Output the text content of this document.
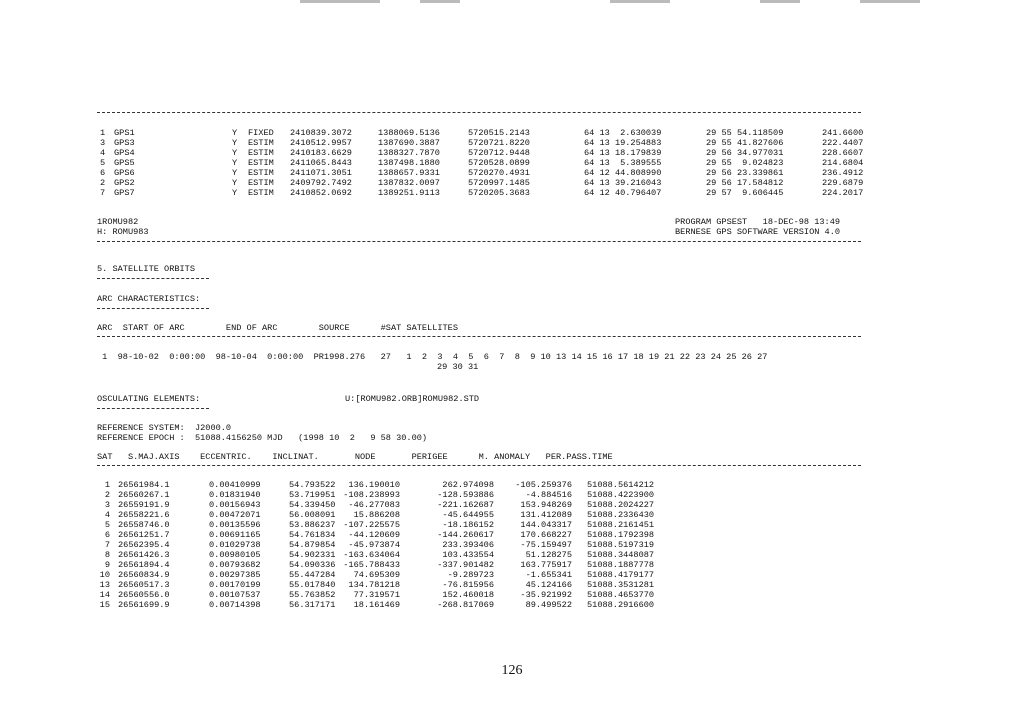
1 GPS1	Y FIXED 2410839.3072	1388069.5136	5720515.2143	64 13  2.630039	29 55 54.118509	241.6600
3 GPS3	Y ESTIM 2410512.9957	1387690.3887	5720721.8220	64 13 19.254883	29 55 41.827606	222.4407
4 GPS4	Y ESTIM 2410183.6629	1388327.7870	5720712.9448	64 13 18.179839	29 56 34.977031	228.6607
5 GPS5	Y ESTIM 2411065.8443	1387498.1880	5720528.0899	64 13  5.389555	29 55  9.024823	214.6804
6 GPS6	Y ESTIM 2411071.3051	1388657.9331	5720270.4931	64 12 44.808990	29 56 23.339861	236.4912
2 GPS2	Y ESTIM 2409792.7492	1387832.0097	5720997.1485	64 13 39.216043	29 56 17.584812	229.6879
7 GPS7	Y ESTIM 2410852.0692	1389251.9113	5720205.3683	64 12 40.796407	29 57  9.606445	224.2017
1ROMU982
H: ROMU983
PROGRAM GPSEST   18-DEC-98 13:49
BERNESE GPS SOFTWARE VERSION 4.0
5. SATELLITE ORBITS
ARC CHARACTERISTICS:
ARC  START OF ARC        END OF ARC        SOURCE      #SAT SATELLITES
1  98-10-02  0:00:00  98-10-04  0:00:00  PR1998.276   27   1  2  3  4  5  6  7  8  9 10 13 14 15 16 17 18 19 21 22 23 24 25 26 27
29 30 31
OSCULATING ELEMENTS:	U:[ROMU982.ORB]ROMU982.STD
REFERENCE SYSTEM:  J2000.0
REFERENCE EPOCH :  51088.4156250 MJD   (1998 10  2   9 58 30.00)
SAT   S.MAJ.AXIS    ECCENTRIC.    INCLINAT.       NODE       PERIGEE      M. ANOMALY   PER.PASS.TIME
1 26561984.1	0.00410999	54.793522 136.190010	262.974098 -105.259376 51088.5614212
2 26560267.1	0.01831940	53.719951 -108.238993	-128.593886	-4.884516 51088.4223900
3 26559191.9	0.00156943	54.339450 -46.277083	-221.162687	153.948269 51088.2024227
4 26558221.6	0.00472071	56.008091 15.886208	-45.644955	131.412089 51088.2336430
5 26558746.0	0.00135596	53.886237 -107.225575	-18.186152	144.043317 51088.2161451
6 26561251.7	0.00691165	54.761834 -44.120609	-144.260617	170.668227 51088.1792398
7 26562395.4	0.01029738	54.879854 -45.973874	233.393406	-75.159497 51088.5197319
8 26561426.3	0.00980105	54.902331 -163.634064	103.433554	51.128275 51088.3448087
9 26561894.4	0.00793682	54.090336 -165.788433	-337.901482	163.775917 51088.1887778
10 26560834.9	0.00297385	55.447284 74.695309	-9.289723	-1.655341 51088.4179177
13 26560517.3	0.00170199	55.017840 134.781218	-76.815956	45.124166 51088.3531281
14 26560556.0	0.00107537	55.763852 77.319571	152.460018	-35.921992 51088.4653770
15 26561699.9	0.00714398	56.317171 18.161469	-268.817069	89.499522 51088.2916600
126
